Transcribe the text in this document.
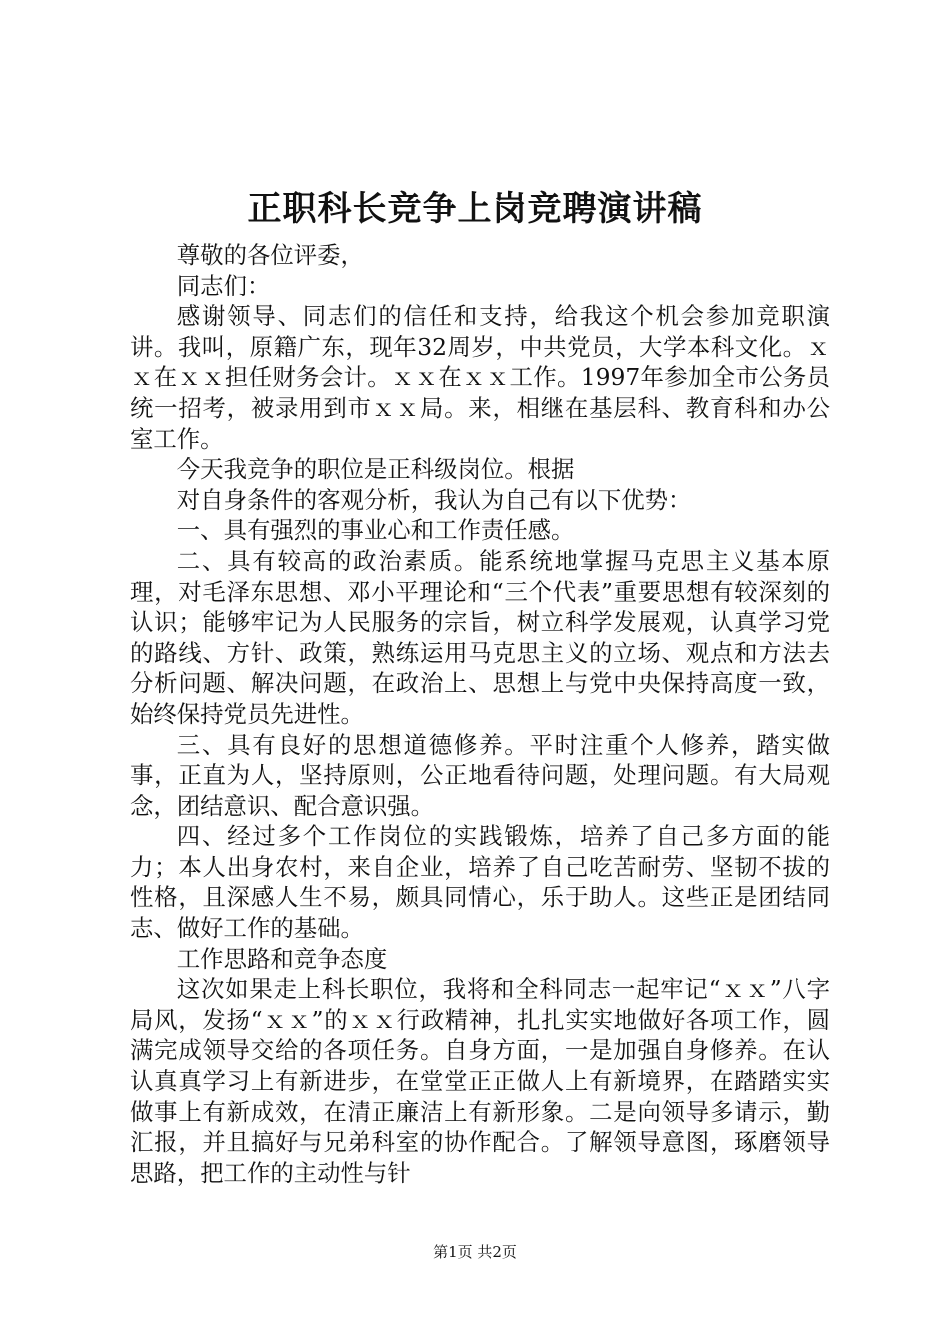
正职科长竞争上岗竞聘演讲稿

尊敬的各位评委，

同志们：

感谢领导、同志们的信任和支持，给我这个机会参加竞职演讲。我叫，原籍广东，现年32周岁，中共党员，大学本科文化。ｘｘ在ｘｘ担任财务会计。ｘｘ在ｘｘ工作。1997年参加全市公务员统一招考，被录用到市ｘｘ局。来，相继在基层科、教育科和办公室工作。

今天我竞争的职位是正科级岗位。根据

对自身条件的客观分析，我认为自己有以下优势：

一、具有强烈的事业心和工作责任感。

二、具有较高的政治素质。能系统地掌握马克思主义基本原理，对毛泽东思想、邓小平理论和“三个代表”重要思想有较深刻的认识；能够牢记为人民服务的宗旨，树立科学发展观，认真学习党的路线、方针、政策，熟练运用马克思主义的立场、观点和方法去分析问题、解决问题，在政治上、思想上与党中央保持高度一致，始终保持党员先进性。

三、具有良好的思想道德修养。平时注重个人修养，踏实做事，正直为人，坚持原则，公正地看待问题，处理问题。有大局观念，团结意识、配合意识强。

四、经过多个工作岗位的实践锻炼，培养了自己多方面的能力；本人出身农村，来自企业，培养了自己吃苦耐劳、坚韧不拔的性格，且深感人生不易，颇具同情心，乐于助人。这些正是团结同志、做好工作的基础。

工作思路和竞争态度

这次如果走上科长职位，我将和全科同志一起牢记“ｘｘ”八字局风，发扬“ｘｘ”的ｘｘ行政精神，扎扎实实地做好各项工作，圆满完成领导交给的各项任务。自身方面，一是加强自身修养。在认认真真学习上有新进步，在堂堂正正做人上有新境界，在踏踏实实做事上有新成效，在清正廉洁上有新形象。二是向领导多请示，勤汇报，并且搞好与兄弟科室的协作配合。了解领导意图，琢磨领导思路，把工作的主动性与针

第1页 共2页
